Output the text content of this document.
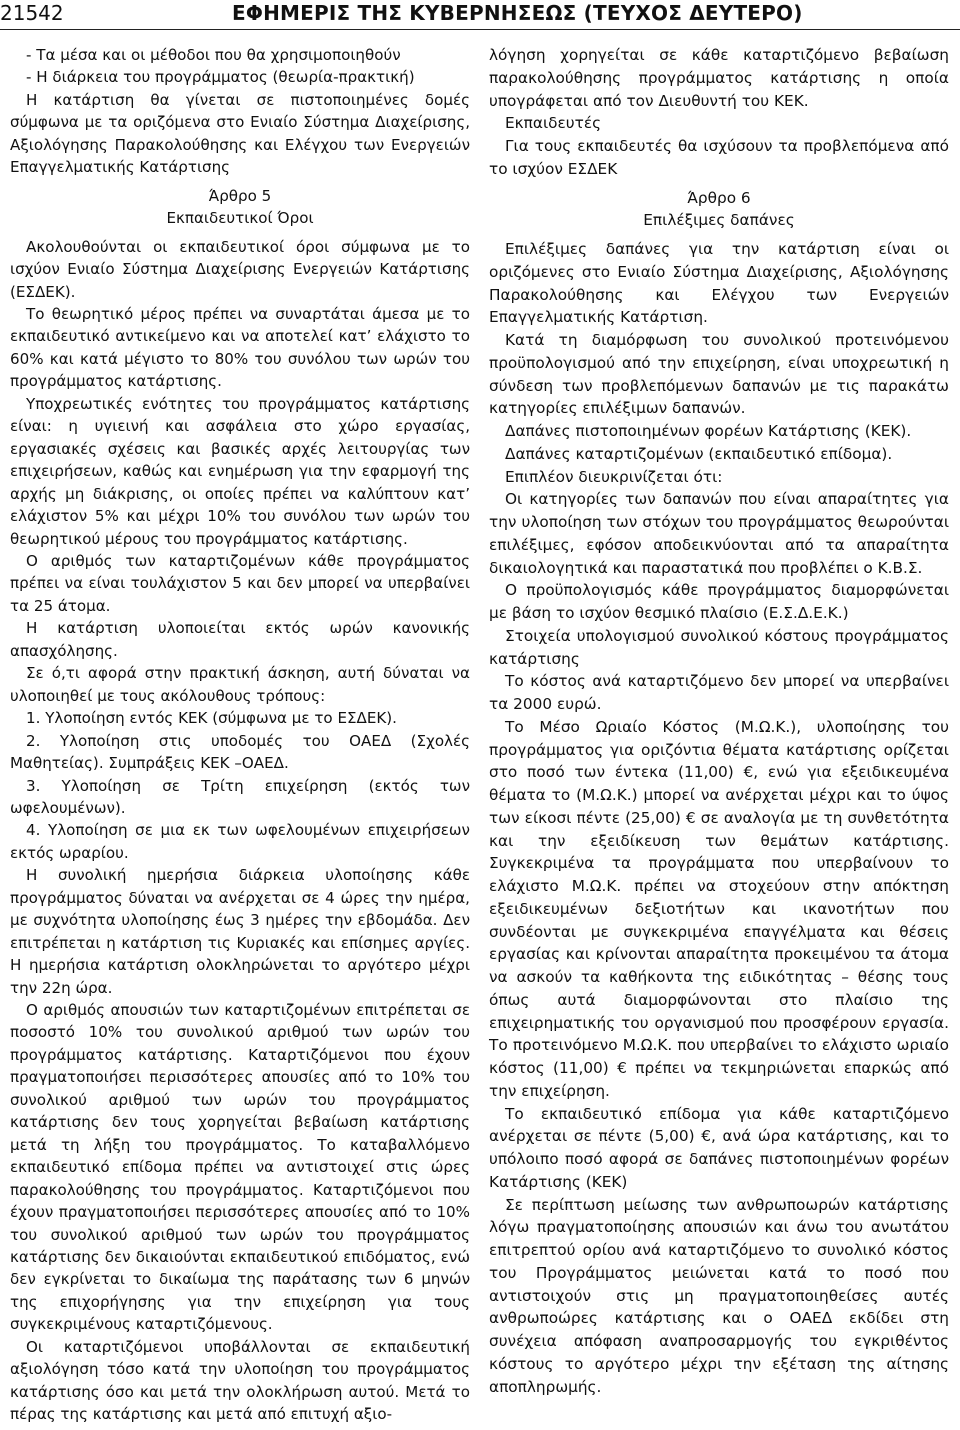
21542	ΕΦΗΜΕΡΙΣ ΤΗΣ ΚΥΒΕΡΝΗΣΕΩΣ (ΤΕΥΧΟΣ ΔΕΥΤΕΡΟ)

- Τα μέσα και οι μέθοδοι που θα χρησιμοποιηθούν

- Η διάρκεια του προγράμματος (θεωρία-πρακτική)

Η κατάρτιση θα γίνεται σε πιστοποιημένες δομές σύμφωνα με τα οριζόμενα στο Ενιαίο Σύστημα Διαχείρισης, Αξιολόγησης Παρακολούθησης και Ελέγχου των Ενεργειών Επαγγελματικής Κατάρτισης

Άρθρο 5

Εκπαιδευτικοί Όροι

Ακολουθούνται οι εκπαιδευτικοί όροι σύμφωνα με το ισχύον Ενιαίο Σύστημα Διαχείρισης Ενεργειών Κατάρτισης (ΕΣΔΕΚ).

Το θεωρητικό μέρος πρέπει να συναρτάται άμεσα με το εκπαιδευτικό αντικείμενο και να αποτελεί κατ’ ελάχιστο το 60% και κατά μέγιστο το 80% του συνόλου των ωρών του προγράμματος κατάρτισης.

Υποχρεωτικές ενότητες του προγράμματος κατάρτισης είναι: η υγιεινή και ασφάλεια στο χώρο εργασίας, εργασιακές σχέσεις και βασικές αρχές λειτουργίας των επιχειρήσεων, καθώς και ενημέρωση για την εφαρμογή της αρχής μη διάκρισης, οι οποίες πρέπει να καλύπτουν κατ’ ελάχιστον 5% και μέχρι 10% του συνόλου των ωρών του θεωρητικού μέρους του προγράμματος κατάρτισης.

Ο αριθμός των καταρτιζομένων κάθε προγράμματος πρέπει να είναι τουλάχιστον 5 και δεν μπορεί να υπερβαίνει τα 25 άτομα.

Η κατάρτιση υλοποιείται εκτός ωρών κανονικής απασχόλησης.

Σε ό,τι αφορά στην πρακτική άσκηση, αυτή δύναται να υλοποιηθεί με τους ακόλουθους τρόπους:

1. Υλοποίηση εντός ΚΕΚ (σύμφωνα με το ΕΣΔΕΚ).

2. Υλοποίηση στις υποδομές του ΟΑΕΔ (Σχολές Μαθητείας). Συμπράξεις ΚΕΚ –ΟΑΕΔ.

3. Υλοποίηση σε Τρίτη επιχείρηση (εκτός των ωφελουμένων).

4. Υλοποίηση σε μια εκ των ωφελουμένων επιχειρήσεων εκτός ωραρίου.

Η συνολική ημερήσια διάρκεια υλοποίησης κάθε προγράμματος δύναται να ανέρχεται σε 4 ώρες την ημέρα, με συχνότητα υλοποίησης έως 3 ημέρες την εβδομάδα. Δεν επιτρέπεται η κατάρτιση τις Κυριακές και επίσημες αργίες. Η ημερήσια κατάρτιση ολοκληρώνεται το αργότερο μέχρι την 22η ώρα.

Ο αριθμός απουσιών των καταρτιζομένων επιτρέπεται σε ποσοστό 10% του συνολικού αριθμού των ωρών του προγράμματος κατάρτισης. Καταρτιζόμενοι που έχουν πραγματοποιήσει περισσότερες απουσίες από το 10% του συνολικού αριθμού των ωρών του προγράμματος κατάρτισης δεν τους χορηγείται βεβαίωση κατάρτισης μετά τη λήξη του προγράμματος. Το καταβαλλόμενο εκπαιδευτικό επίδομα πρέπει να αντιστοιχεί στις ώρες παρακολούθησης του προγράμματος. Καταρτιζόμενοι που έχουν πραγματοποιήσει περισσότερες απουσίες από το 10% του συνολικού αριθμού των ωρών του προγράμματος κατάρτισης δεν δικαιούνται εκπαιδευτικού επιδόματος, ενώ δεν εγκρίνεται το δικαίωμα της παράτασης των 6 μηνών της επιχορήγησης για την επιχείρηση για τους συγκεκριμένους καταρτιζόμενους.

Οι καταρτιζόμενοι υποβάλλονται σε εκπαιδευτική αξιολόγηση τόσο κατά την υλοποίηση του προγράμματος κατάρτισης όσο και μετά την ολοκλήρωση αυτού. Μετά το πέρας της κατάρτισης και μετά από επιτυχή αξιο-

λόγηση χορηγείται σε κάθε καταρτιζόμενο βεβαίωση παρακολούθησης προγράμματος κατάρτισης η οποία υπογράφεται από τον Διευθυντή του ΚΕΚ.

Εκπαιδευτές

Για τους εκπαιδευτές θα ισχύσουν τα προβλεπόμενα από το ισχύον ΕΣΔΕΚ

Άρθρο 6

Επιλέξιμες δαπάνες

Επιλέξιμες δαπάνες για την κατάρτιση είναι οι οριζόμενες στο Ενιαίο Σύστημα Διαχείρισης, Αξιολόγησης Παρακολούθησης και Ελέγχου των Ενεργειών Επαγγελματικής Κατάρτιση.

Κατά τη διαμόρφωση του συνολικού προτεινόμενου προϋπολογισμού από την επιχείρηση, είναι υποχρεωτική η σύνδεση των προβλεπόμενων δαπανών με τις παρακάτω κατηγορίες επιλέξιμων δαπανών.

Δαπάνες πιστοποιημένων φορέων Κατάρτισης (ΚΕΚ).

Δαπάνες καταρτιζομένων (εκπαιδευτικό επίδομα).

Επιπλέον διευκρινίζεται ότι:

Οι κατηγορίες των δαπανών που είναι απαραίτητες για την υλοποίηση των στόχων του προγράμματος θεωρούνται επιλέξιμες, εφόσον αποδεικνύονται από τα απαραίτητα δικαιολογητικά και παραστατικά που προβλέπει ο Κ.Β.Σ.

Ο προϋπολογισμός κάθε προγράμματος διαμορφώνεται με βάση το ισχύον θεσμικό πλαίσιο (Ε.Σ.Δ.Ε.Κ.)

Στοιχεία υπολογισμού συνολικού κόστους προγράμματος κατάρτισης

Το κόστος ανά καταρτιζόμενο δεν μπορεί να υπερβαίνει τα 2000 ευρώ.

Το Μέσο Ωριαίο Κόστος (Μ.Ω.Κ.), υλοποίησης του προγράμματος για οριζόντια θέματα κατάρτισης ορίζεται στο ποσό των έντεκα (11,00) €, ενώ για εξειδικευμένα θέματα το (Μ.Ω.Κ.) μπορεί να ανέρχεται μέχρι και το ύψος των είκοσι πέντε (25,00) € σε αναλογία με τη συνθετότητα και την εξειδίκευση των θεμάτων κατάρτισης. Συγκεκριμένα τα προγράμματα που υπερβαίνουν το ελάχιστο Μ.Ω.Κ. πρέπει να στοχεύουν στην απόκτηση εξειδικευμένων δεξιοτήτων και ικανοτήτων που συνδέονται με συγκεκριμένα επαγγέλματα και θέσεις εργασίας και κρίνονται απαραίτητα προκειμένου τα άτομα να ασκούν τα καθήκοντα της ειδικότητας – θέσης τους όπως αυτά διαμορφώνονται στο πλαίσιο της επιχειρηματικής του οργανισμού που προσφέρουν εργασία. Το προτεινόμενο Μ.Ω.Κ. που υπερβαίνει το ελάχιστο ωριαίο κόστος (11,00) € πρέπει να τεκμηριώνεται επαρκώς από την επιχείρηση.

Το εκπαιδευτικό επίδομα για κάθε καταρτιζόμενο ανέρχεται σε πέντε (5,00) €, ανά ώρα κατάρτισης, και το υπόλοιπο ποσό αφορά σε δαπάνες πιστοποιημένων φορέων Κατάρτισης (ΚΕΚ)

Σε περίπτωση μείωσης των ανθρωποωρών κατάρτισης λόγω πραγματοποίησης απουσιών και άνω του ανωτάτου επιτρεπτού ορίου ανά καταρτιζόμενο το συνολικό κόστος του Προγράμματος μειώνεται κατά το ποσό που αντιστοιχούν στις μη πραγματοποιηθείσες αυτές ανθρωποώρες κατάρτισης και ο ΟΑΕΔ εκδίδει στη συνέχεια απόφαση αναπροσαρμογής του εγκριθέντος κόστους το αργότερο μέχρι την εξέταση της αίτησης αποπληρωμής.
